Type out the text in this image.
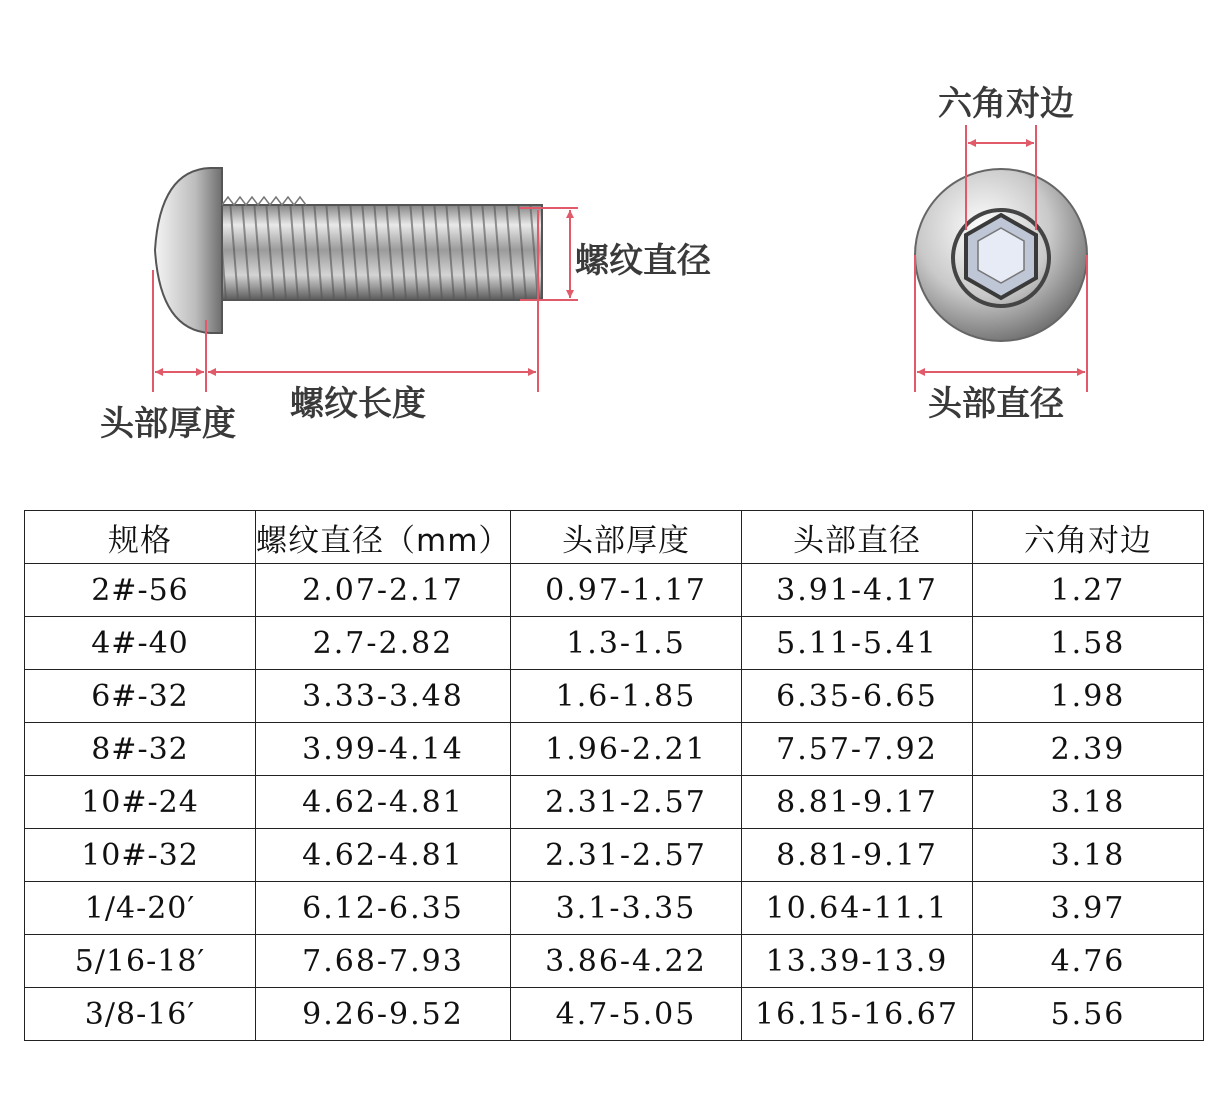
螺纹直径
螺纹长度
头部厚度	头部直径
六角对边
规格	螺纹直径（mm）	头部厚度	头部直径	六角对边
2#-56	2.07-2.17	0.97-1.17	3.91-4.17	1.27
4#-40	2.7-2.82	1.3-1.5	5.11-5.41	1.58
6#-32	3.33-3.48	1.6-1.85	6.35-6.65	1.98
8#-32	3.99-4.14	1.96-2.21	7.57-7.92	2.39
10#-24	4.62-4.81	2.31-2.57	8.81-9.17	3.18
10#-32	4.62-4.81	2.31-2.57	8.81-9.17	3.18
1/4-20′	6.12-6.35	3.1-3.35	10.64-11.1	3.97
5/16-18′	7.68-7.93	3.86-4.22	13.39-13.9	4.76
3/8-16′	9.26-9.52	4.7-5.05	16.15-16.67	5.56
